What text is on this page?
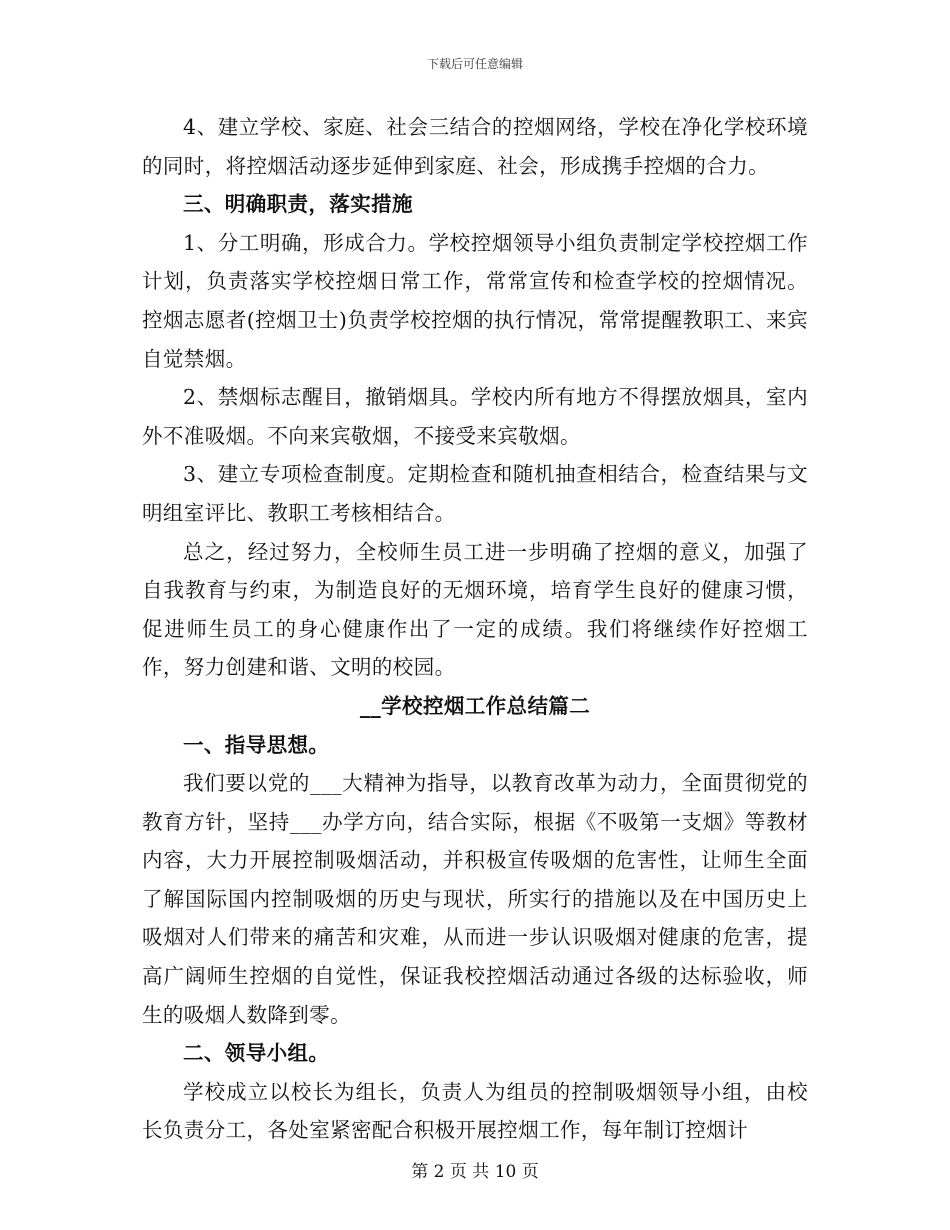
下载后可任意编辑

4、建立学校、家庭、社会三结合的控烟网络，学校在净化学校环境的同时，将控烟活动逐步延伸到家庭、社会，形成携手控烟的合力。

三、明确职责，落实措施

1、分工明确，形成合力。学校控烟领导小组负责制定学校控烟工作计划，负责落实学校控烟日常工作，常常宣传和检查学校的控烟情况。控烟志愿者(控烟卫士)负责学校控烟的执行情况，常常提醒教职工、来宾自觉禁烟。

2、禁烟标志醒目，撤销烟具。学校内所有地方不得摆放烟具，室内外不准吸烟。不向来宾敬烟，不接受来宾敬烟。

3、建立专项检查制度。定期检查和随机抽查相结合，检查结果与文明组室评比、教职工考核相结合。

总之，经过努力，全校师生员工进一步明确了控烟的意义，加强了自我教育与约束，为制造良好的无烟环境，培育学生良好的健康习惯，促进师生员工的身心健康作出了一定的成绩。我们将继续作好控烟工作，努力创建和谐、文明的校园。

__学校控烟工作总结篇二

一、指导思想。

我们要以党的___大精神为指导，以教育改革为动力，全面贯彻党的教育方针，坚持___办学方向，结合实际，根据《不吸第一支烟》等教材内容，大力开展控制吸烟活动，并积极宣传吸烟的危害性，让师生全面了解国际国内控制吸烟的历史与现状，所实行的措施以及在中国历史上吸烟对人们带来的痛苦和灾难，从而进一步认识吸烟对健康的危害，提高广阔师生控烟的自觉性，保证我校控烟活动通过各级的达标验收，师生的吸烟人数降到零。

二、领导小组。

学校成立以校长为组长，负责人为组员的控制吸烟领导小组，由校长负责分工，各处室紧密配合积极开展控烟工作，每年制订控烟计

第 2 页 共 10 页
